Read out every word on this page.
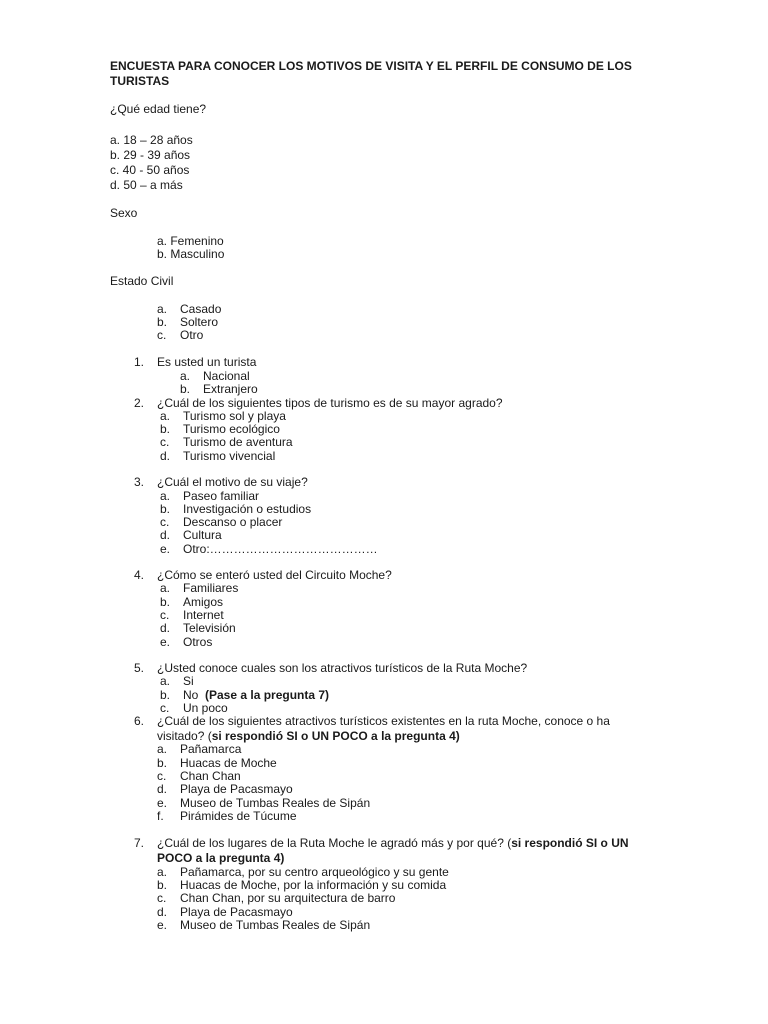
ENCUESTA PARA CONOCER LOS MOTIVOS DE VISITA Y EL PERFIL DE CONSUMO DE LOS
TURISTAS
¿Qué edad tiene?
a. 18 – 28 años
b. 29 - 39 años
c. 40 - 50 años
d. 50 – a más
Sexo
a. Femenino
b. Masculino
Estado Civil
a. Casado
b. Soltero
c. Otro
1. Es usted un turista
a. Nacional
b. Extranjero
2. ¿Cuál de los siguientes tipos de turismo es de su mayor agrado?
a. Turismo sol y playa
b. Turismo ecológico
c. Turismo de aventura
d. Turismo vivencial
3. ¿Cuál el motivo de su viaje?
a. Paseo familiar
b. Investigación o estudios
c. Descanso o placer
d. Cultura
e. Otro:……………………………………
4. ¿Cómo se enteró usted del Circuito Moche?
a. Familiares
b. Amigos
c. Internet
d. Televisión
e. Otros
5. ¿Usted conoce cuales son los atractivos turísticos de la Ruta Moche?
a. Si
b. No (Pase a la pregunta 7)
c. Un poco
6. ¿Cuál de los siguientes atractivos turísticos existentes en la ruta Moche, conoce o ha
visitado? (si respondió SI o UN POCO a la pregunta 4)
a. Pañamarca
b. Huacas de Moche
c. Chan Chan
d. Playa de Pacasmayo
e. Museo de Tumbas Reales de Sipán
f. Pirámides de Túcume
7. ¿Cuál de los lugares de la Ruta Moche le agradó más y por qué? (si respondió SI o UN
POCO a la pregunta 4)
a. Pañamarca, por su centro arqueológico y su gente
b. Huacas de Moche, por la información y su comida
c. Chan Chan, por su arquitectura de barro
d. Playa de Pacasmayo
e. Museo de Tumbas Reales de Sipán
